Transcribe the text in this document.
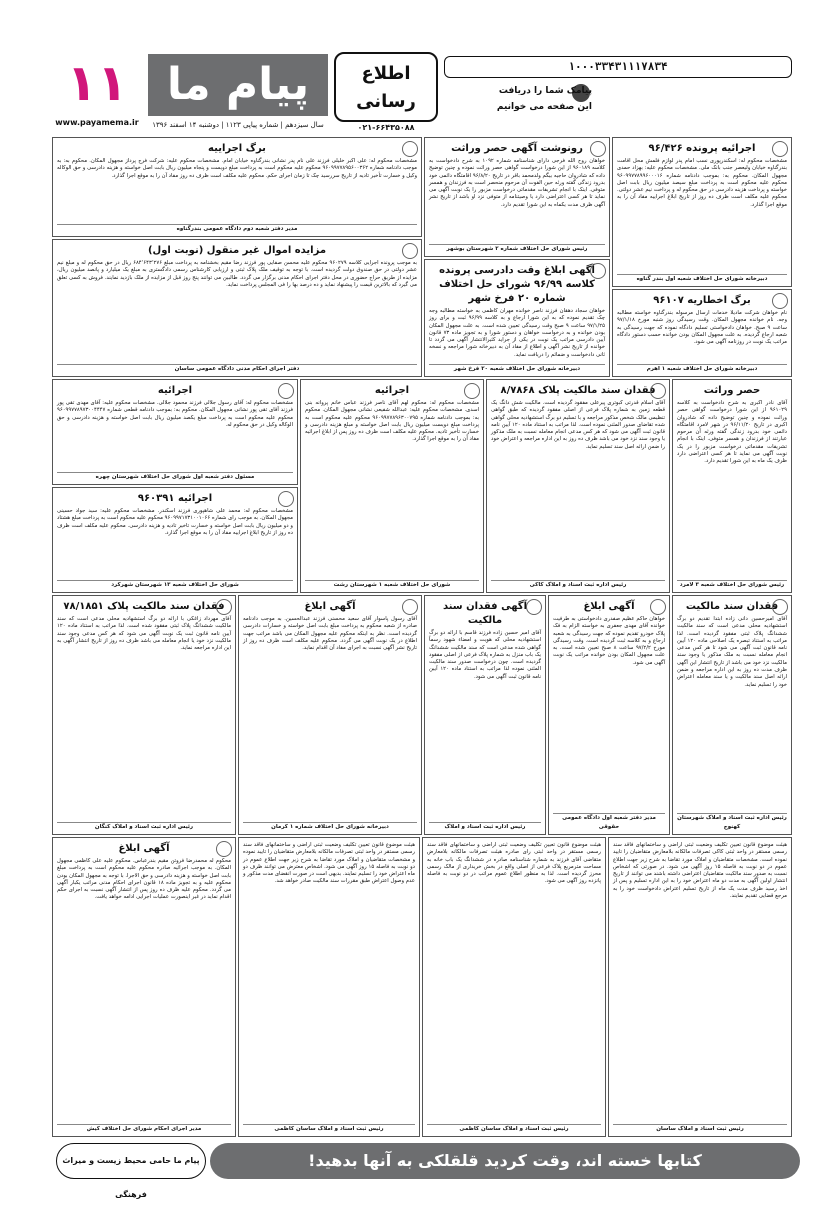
۱۱
www.payamema.ir
پیام ما
سال سیزدهم | شماره پیاپی ۱۱۲۳ | دوشنبه ۱۴ اسفند ۱۳۹۶
اطلاع رسانی
۰۲۱-۶۶۴۳۵۰۸۸
۱۰۰۰۳۳۴۳۱۱۱۷۸۳۴
پیامک شما را دریافت
این صفحه می خوانیم
اجرائیه پرونده ۹۶/۴۲۶

مشخصات محکوم له: اسکندرپوری نسب امام پدر لوازم فلمش محل اقامت بندرگناوه خیابان ولیعصر جنب بانک ملی. مشخصات محکوم علیه: بهزاد حمدی مجهول المکان. محکوم به: بموجب دادنامه شماره ۹۶۰۹۹۷۷۸۹۹۶۰۰۰۱۶ محکوم علیه محکوم است به پرداخت مبلغ سیصد میلیون ریال بابت اصل خواسته و پرداخت هزینه دادرسی در حق محکوم له و پرداخت نیم عشر دولتی. محکوم علیه مکلف است ظرف ده روز از تاریخ ابلاغ اجراییه مفاد آن را به موقع اجرا گذارد.

دبیرخانه شورای حل اختلاف شعبه اول بندر گناوه
برگ اخطاریه ۹۶۱۰۷

نام خواهان شرکت مادیلا خدمات ارسال مرسوله بندرگناوه خواسته مطالبه وجه. نام خوانده مجهول المکان. وقت رسیدگی روز شنبه مورخ ۹۷/۱/۱۸ ساعت ۹ صبح. خواهان دادخواستی تسلیم دادگاه نموده که جهت رسیدگی به شعبه ارجاع گردیده. به علت مجهول المکان بودن خوانده حسب دستور دادگاه مراتب یک نوبت در روزنامه آگهی می شود.

دبیرخانه شورای حل اختلاف شعبه ۱ اهرم
رونوشت آگهی حصر وراثت

خواهان روح الله فرجی دارای شناسنامه شماره ۱۰۹۲ به شرح دادخواست به کلاسه ۹۶۰۱۸۹ از این شورا درخواست گواهی حصر وراثت نموده و چنین توضیح داده که شادروان حاجیه بیگم ولدمحمد باقر در تاریخ ۹۶/۸/۲۰ اقامتگاه دائمی خود بدرود زندگی گفته ورثه حین الفوت آن مرحوم منحصر است به فرزندان و همسر متوفی. اینک با انجام تشریفات مقدماتی درخواست مزبور را یک نوبت آگهی می نماید تا هر کسی اعتراضی دارد یا وصیتنامه از متوفی نزد او باشد از تاریخ نشر آگهی ظرف مدت یکماه به این شورا تقدیم دارد.

رئیس شورای حل اختلاف شماره ۲ شهرستان بوشهر
آگهی ابلاغ وقت دادرسی پرونده کلاسه ۹۶/۹۹ شورای حل اختلاف شماره ۲۰ فرخ شهر

خواهان سجاد دهقان فرزند ناصر خوانده مهران کاظمی به خواسته مطالبه وجه چک تقدیم نموده که به این شورا ارجاع و به کلاسه ۹۶/۹۹ ثبت و برای روز ۹۷/۱/۲۵ ساعت ۹ صبح وقت رسیدگی تعیین شده است. به علت مجهول المکان بودن خوانده و به درخواست خواهان و دستور شورا و به تجویز ماده ۷۳ قانون آیین دادرسی مراتب یک نوبت در یکی از جراید کثیرالانتشار آگهی می گردد تا خوانده از تاریخ نشر آگهی و اطلاع از مفاد آن به دبیرخانه شورا مراجعه و نسخه ثانی دادخواست و ضمائم را دریافت نماید.

دبیرخانه شورای حل اختلاف شعبه ۲۰ فرخ شهر
برگ اجراییه

مشخصات محکوم له: علی اکبر خلیلی فرزند علی نام پدر نشانی بندرگناوه خیابان امام. مشخصات محکوم علیه: شرکت فرج پرداز مجهول المکان. محکوم به: به موجب دادنامه شماره ۹۶۰۹۹۷۷۸۹۵۶۰۰۳۶۲ محکوم علیه محکوم است به پرداخت مبلغ دویست و پنجاه میلیون ریال بابت اصل خواسته و هزینه دادرسی و حق الوکاله وکیل و خسارت تأخیر تادیه از تاریخ سررسید چک تا زمان اجرای حکم. محکوم علیه مکلف است ظرف ده روز مفاد آن را به موقع اجرا گذارد.

مدیر دفتر شعبه دوم دادگاه عمومی بندرگناوه
مزایده اموال غیر منقول (نوبت اول)

به موجب پرونده اجرایی کلاسه ۹۶۰۲۷۹ محکوم علیه محسن صفایی پور فرزند رضا مقیم بخشنامه به پرداخت مبلغ ۶۸۴٬۶۴۳٬۲۷۶ ریال در حق محکوم له و مبلغ نیم عشر دولتی در حق صندوق دولت گردیده است. با توجه به توقیف ملک پلاک ثبتی و ارزیابی کارشناس رسمی دادگستری به مبلغ یک میلیارد و پانصد میلیون ریال، مزایده از طریق حراج حضوری در محل دفتر اجرای احکام مدنی برگزار می گردد. طالبین می توانند پنج روز قبل از مزایده از ملک بازدید نمایند. فروش به کسی تعلق می گیرد که بالاترین قیمت را پیشنهاد نماید و ده درصد بها را فی المجلس پرداخت نماید.

دفتر اجرای احکام مدنی دادگاه عمومی ساسان
حصر وراثت

آقای نادر اکبری به شرح دادخواست به کلاسه ۹۶۱۰۲۹ از این شورا درخواست گواهی حصر وراثت نموده و چنین توضیح داده که شادروان اکبری در تاریخ ۹۶/۱۱/۲۰ در شهر لامرد اقامتگاه دائمی خود بدرود زندگی گفته ورثه آن مرحوم عبارتند از فرزندان و همسر متوفی. اینک با انجام تشریفات مقدماتی درخواست مزبور را در یک نوبت آگهی می نماید تا هر کسی اعتراضی دارد ظرف یک ماه به این شورا تقدیم دارد.

رئیس شورای حل اختلاف شعبه ۳ لامرد
فقدان سند مالکیت پلاک ۸/۷۸۶۸

آقای اسلام قدرتی کبوتری پیرعلی مفقود گردیده است. مالکیت شش دانگ یک قطعه زمین به شماره پلاک فرعی از اصلی مفقود گردیده که طبق گواهی تنظیمی مالک شخص مذکور مراجعه و با تسلیم دو برگ استشهادیه محلی گواهی شده تقاضای صدور المثنی نموده است. لذا مراتب به استناد ماده ۱۲۰ آیین نامه قانون ثبت آگهی می شود که هر کس مدعی انجام معامله نسبت به ملک مذکور یا وجود سند نزد خود می باشد ظرف ده روز به این اداره مراجعه و اعتراض خود را ضمن ارائه اصل سند تسلیم نماید.

رئیس اداره ثبت اسناد و املاک کاکی
اجرائیه

مشخصات محکوم له: محکوم لهم آقای ناصر فرزند عباس خانم پروانه بنی اسدی. مشخصات محکوم علیه: عبدالله شفیعی نشانی مجهول المکان. محکوم به: بموجب دادنامه شماره ۹۶۰۹۹۷۷۸۹۶۳۰۰۷۹۵ محکوم علیه محکوم است به پرداخت مبلغ دویست میلیون ریال بابت اصل خواسته و مبلغ هزینه دادرسی و خسارت تأخیر تادیه. محکوم علیه مکلف است ظرف ده روز پس از ابلاغ اجرائیه مفاد آن را به موقع اجرا گذارد.

شورای حل اختلاف شعبه ۱ شهرستان رشت
اجرائیه

مشخصات محکوم له: آقای رسول جلالی فرزند محمود جلالی. مشخصات محکوم علیه: آقای مهدی تقی پور فرزند آقای تقی پور نشانی مجهول المکان. محکوم به: بموجب دادنامه قطعی شماره ۹۶۰۹۹۷۷۸۹۷۳۰۰۴۴۴۷ محکوم علیه محکوم است به پرداخت مبلغ یکصد میلیون ریال بابت اصل خواسته و هزینه دادرسی و حق الوکاله وکیل در حق محکوم له.

مسئول دفتر شعبه اول شورای حل اختلاف شهرستان چهره
اجرائیه ۹۶۰۳۹۱

مشخصات محکوم له: محمد علی شاهپوری فرزند اسکندر. مشخصات محکوم علیه: سید جواد حسینی مجهول المکان. به موجب رای شماره ۹۶۰۹۹۷۱۷۳۱۰۰۱۰۶۶ محکوم علیه محکوم است به پرداخت مبلغ هشتاد و دو میلیون ریال بابت اصل خواسته و خسارت تاخیر تادیه و هزینه دادرسی. محکوم علیه مکلف است ظرف ده روز از تاریخ ابلاغ اجراییه مفاد آن را به موقع اجرا گذارد.

شورای حل اختلاف شعبه ۱۳ شهرستان شهرکرد
فقدان سند مالکیت

آقای امیرحسین دانی زاده ابتدا تقدیم دو برگ استشهادیه محلی مدعی است که سند مالکیت ششدانگ پلاک ثبتی مفقود گردیده است. لذا مراتب به استناد تبصره یک اصلاحی ماده ۱۲۰ آیین نامه قانون ثبت آگهی می شود تا هر کس مدعی انجام معامله نسبت به ملک مذکور یا وجود سند مالکیت نزد خود می باشد از تاریخ انتشار این آگهی ظرف مدت ده روز به این اداره مراجعه و ضمن ارائه اصل سند مالکیت و یا سند معامله اعتراض خود را تسلیم نماید.

رئیس اداره ثبت اسناد و املاک شهرستان کهنوج
آگهی ابلاغ

خواهان حاکم عظیم صفدری دادخواستی به طرفیت خوانده آقای مهدی جعفری به خواسته الزام به فک پلاک خودرو تقدیم نموده که جهت رسیدگی به شعبه ارجاع و به کلاسه ثبت گردیده است. وقت رسیدگی مورخ ۹۷/۲/۲ ساعت ۸ صبح تعیین شده است. به علت مجهول المکان بودن خوانده مراتب یک نوبت آگهی می شود.

مدیر دفتر شعبه اول دادگاه عمومی حقوقی
آگهی فقدان سند مالکیت

آقای امیر حسین زاده فرزند قاسم با ارائه دو برگ استشهادیه محلی که هویت و امضاء شهود رسماً گواهی شده مدعی است که سند مالکیت ششدانگ یک باب منزل به شماره پلاک فرعی از اصلی مفقود گردیده است. چون درخواست صدور سند مالکیت المثنی نموده لذا مراتب به استناد ماده ۱۲۰ آیین نامه قانون ثبت آگهی می شود.

رئیس اداره ثبت اسناد و املاک
آگهی ابلاغ

آقای رسول پاسوار آقای سعید محسنی فرزند عبدالحسین. به موجب دادنامه صادره از شعبه محکوم به پرداخت مبلغ بابت اصل خواسته و خسارات دادرسی گردیده است. نظر به اینکه محکوم علیه مجهول المکان می باشد مراتب جهت اطلاع در یک نوبت آگهی می گردد. محکوم علیه مکلف است ظرف ده روز از تاریخ نشر آگهی نسبت به اجرای مفاد آن اقدام نماید.

دبیرخانه شورای حل اختلاف شماره ۱ کرمان
فقدان سند مالکیت پلاک ۷۸/۱۸۵۱

آقای مهرداد زاغکی با ارائه دو برگ استشهادیه محلی مدعی است که سند مالکیت ششدانگ پلاک ثبتی مفقود شده است. لذا مراتب به استناد ماده ۱۲۰ آیین نامه قانون ثبت یک نوبت آگهی می شود که هر کس مدعی وجود سند مالکیت نزد خود یا انجام معامله می باشد ظرف ده روز از تاریخ انتشار آگهی به این اداره مراجعه نماید.

رئیس اداره ثبت اسناد و املاک کنگان
آگهی ابلاغ

محکوم له محمدرضا فروتن مقیم بندرعباس. محکوم علیه علی کاظمی مجهول المکان. به موجب اجرائیه صادره محکوم علیه محکوم است به پرداخت مبلغ بابت اصل خواسته و هزینه دادرسی و حق الاجرا. با توجه به مجهول المکان بودن محکوم علیه و به تجویز ماده ۱۸ قانون اجرای احکام مدنی مراتب یکبار آگهی می گردد. محکوم علیه ظرف ده روز پس از انتشار آگهی نسبت به اجرای حکم اقدام نماید در غیر اینصورت عملیات اجرایی ادامه خواهد یافت.

مدیر اجرای احکام شورای حل اختلاف کیش

هیئت موضوع قانون تعیین تکلیف وضعیت ثبتی اراضی و ساختمانهای فاقد سند رسمی مستقر در واحد ثبتی تصرفات مالکانه بلامعارض متقاضیان را تایید نموده و مشخصات متقاضیان و املاک مورد تقاضا به شرح زیر جهت اطلاع عموم در دو نوبت به فاصله ۱۵ روز آگهی می شود. اشخاص معترض می توانند ظرف دو ماه اعتراض خود را تسلیم نمایند. بدیهی است در صورت انقضای مدت مذکور و عدم وصول اعتراض طبق مقررات سند مالکیت صادر خواهد شد.

رئیس ثبت اسناد و املاک ساسان کاظمی

هیئت موضوع قانون تعیین تکلیف وضعیت ثبتی اراضی و ساختمانهای فاقد سند رسمی مستقر در واحد ثبتی رای صادره هیئت تصرفات مالکانه بلامعارض متقاضی آقای فرزند به شماره شناسنامه صادره در ششدانگ یک باب خانه به مساحت مترمربع پلاک فرعی از اصلی واقع در بخش خریداری از مالک رسمی محرز گردیده است. لذا به منظور اطلاع عموم مراتب در دو نوبت به فاصله پانزده روز آگهی می شود.

رئیس ثبت اسناد و املاک ساسان کاظمی

هیئت موضوع قانون تعیین تکلیف وضعیت ثبتی اراضی و ساختمانهای فاقد سند رسمی مستقر در واحد ثبتی کاکی تصرفات مالکانه بلامعارض متقاضیان را تایید نموده است. مشخصات متقاضیان و املاک مورد تقاضا به شرح زیر جهت اطلاع عموم در دو نوبت به فاصله ۱۵ روز آگهی می شود. در صورتی که اشخاص نسبت به صدور سند مالکیت متقاضیان اعتراضی داشته باشند می توانند از تاریخ انتشار اولین آگهی به مدت دو ماه اعتراض خود را به این اداره تسلیم و پس از اخذ رسید ظرف مدت یک ماه از تاریخ تسلیم اعتراض دادخواست خود را به مرجع قضایی تقدیم نمایند.

رئیس ثبت اسناد و املاک ساسان
پیام ما حامی محیط زیست و میراث فرهنگی
کتابها خسته اند، وقت کردید قلقلکی به آنها بدهید!
